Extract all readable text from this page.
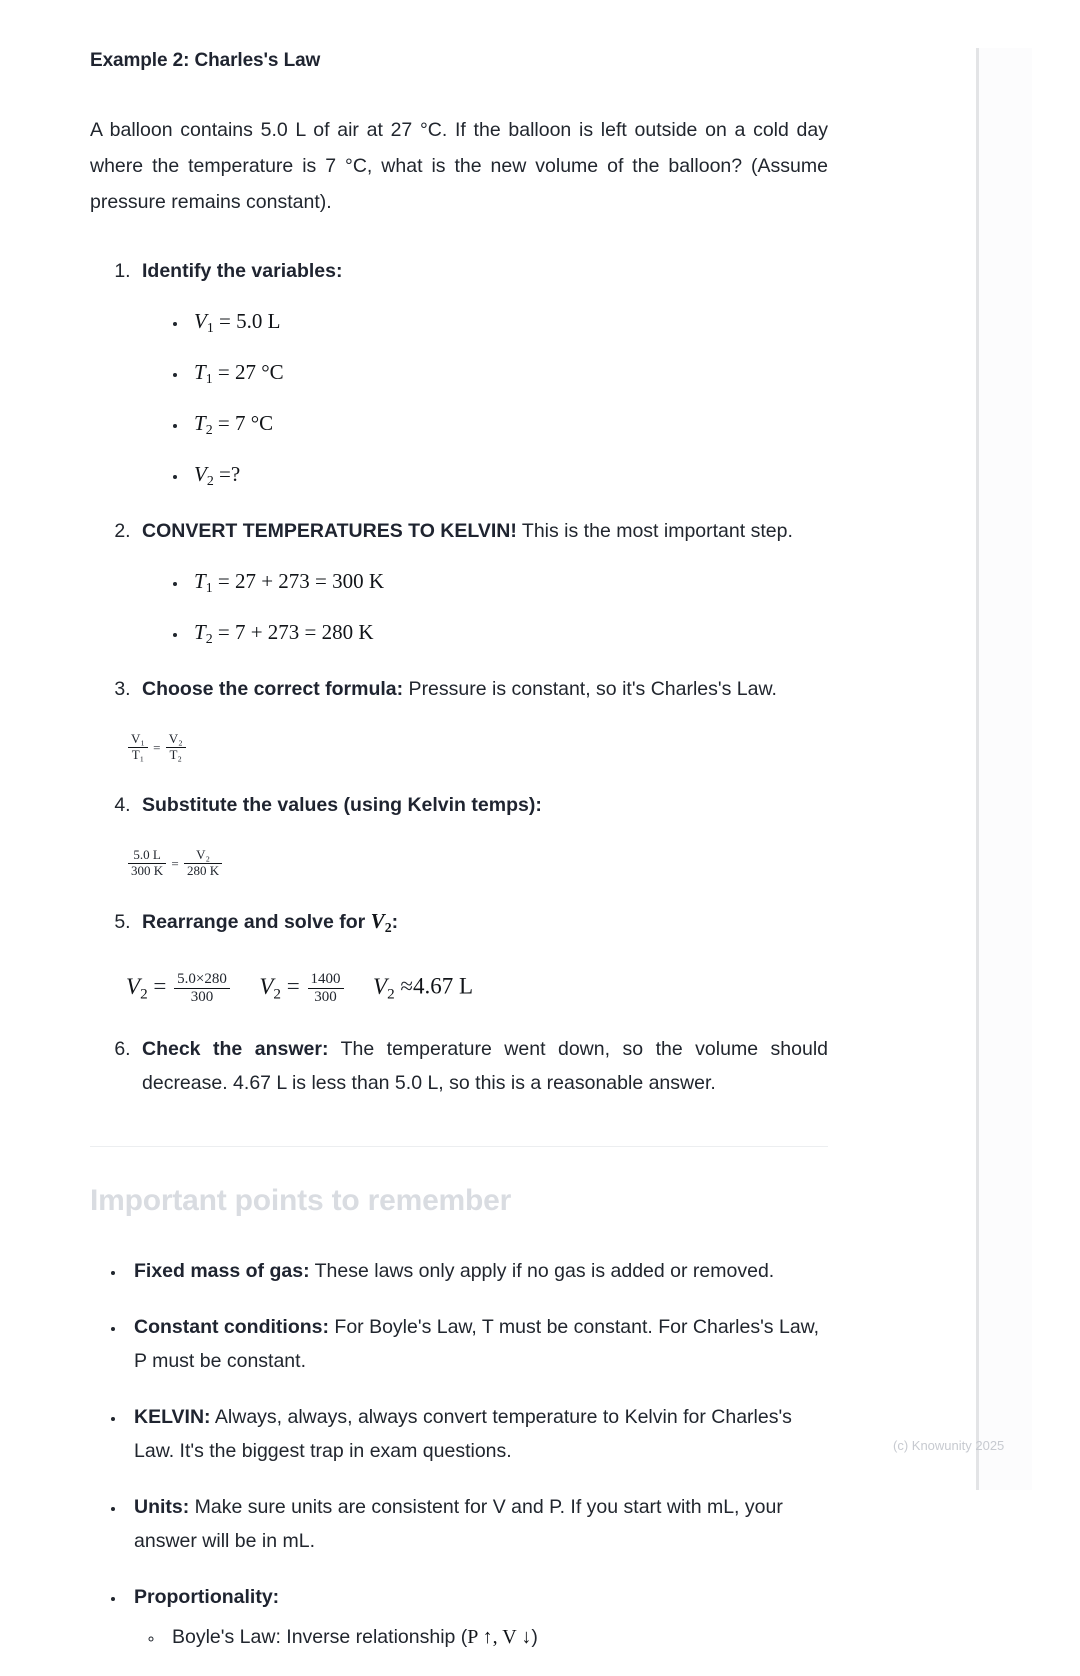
Example 2: Charles's Law

A balloon contains 5.0 L of air at 27 °C. If the balloon is left outside on a cold day where the temperature is 7 °C, what is the new volume of the balloon? (Assume pressure remains constant).

1. Identify the variables:
• $V_1 = 5.0$ L
• $T_1 = 27$ °C
• $T_2 = 7$ °C
• $V_2$ =?
2. CONVERT TEMPERATURES TO KELVIN! This is the most important step.
• $T_1 = 27 + 273 = 300$ K
• $T_2 = 7 + 273 = 280$ K
3. Choose the correct formula: Pressure is constant, so it's Charles's Law.
$\frac{\text{V₁}}{\text{T₁}} = \frac{\text{V₂}}{\text{T₂}}$
4. Substitute the values (using Kelvin temps):
$\frac{5.0 L}{300 K} = \frac{\text{V₂}}{280 K}$
5. Rearrange and solve for $V_2$:
$V_2 = \frac{5.0\times 280}{300} V_2 = \frac{1400}{300} V_2 \approx 4.67$ L
6. Check the answer: The temperature went down, so the volume should decrease. 4.67 L is less than 5.0 L, so this is a reasonable answer.
Important points to remember
• Fixed mass of gas: These laws only apply if no gas is added or removed.
• Constant conditions: For Boyle's Law, T must be constant. For Charles's Law, P must be constant.
• KELVIN: Always, always, always convert temperature to Kelvin for Charles's Law. It's the biggest trap in exam questions.
• Units: Make sure units are consistent for V and P. If you start with mL, your answer will be in mL.
• Proportionality:
◦ Boyle's Law: Inverse relationship (P ↑, V ↓)
(c) Knowunity 2025
